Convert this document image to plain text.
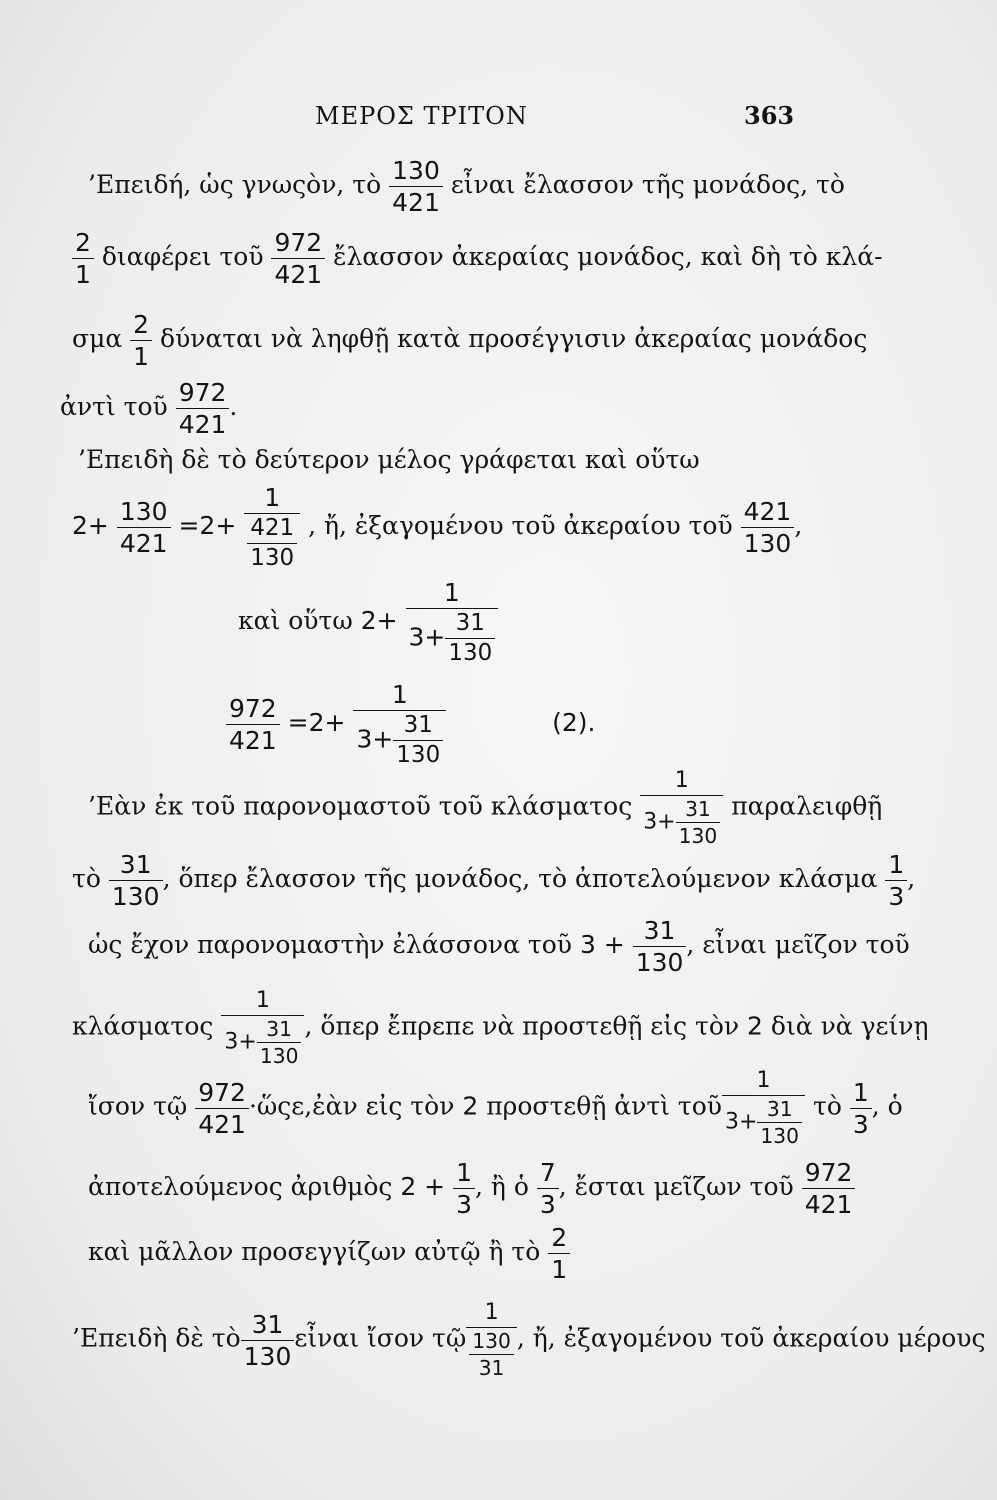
ΜΕΡΟΣ ΤΡΙΤΟΝ	363
’Επειδή, ὡς γνωςὸν, τὸ $\frac{130}{421}$ εἶναι ἔλασσον τῆς μονάδος, τὸ
$\frac{2}{1}$ διαφέρει τοῦ $\frac{972}{421}$ ἔλασσον ἀκεραίας μονάδος, καὶ δὴ τὸ κλά-
σμα $\frac{2}{1}$ δύναται νὰ ληφθῇ κατὰ προσέγγισιν ἀκεραίας μονάδος
ἀντὶ τοῦ $\frac{972}{421}$ .
’Επειδὴ δὲ τὸ δεύτερον μέλος γράφεται καὶ οὕτω
$2+ \frac{130}{421} =2+ \frac{1}{\frac{421}{130}}$ , ἤ, ἐξαγομένου τοῦ ἀκεραίου τοῦ $\frac{421}{130}$ ,
καὶ οὕτω $2+ \frac{1}{3+ \frac{31}{130}}$
$\frac{972}{421} =2+ \frac{1}{3+ \frac{31}{130}}$	(2).
’Εὰν ἐκ τοῦ παρονομαστοῦ τοῦ κλάσματος $\frac{1}{3+ \frac{31}{130}}$ παραλειφθῇ
τὸ $\frac{31}{130}$ , ὅπερ ἔλασσον τῆς μονάδος, τὸ ἀποτελούμενον κλάσμα $\frac{1}{3}$ ,
ὡς ἔχον παρονομαστὴν ἐλάσσονα τοῦ $3 + \frac{31}{130}$ , εἶναι μεῖζον τοῦ
κλάσματος $\frac{1}{3+ \frac{31}{130}}$ , ὅπερ ἔπρεπε νὰ προστεθῇ εἰς τὸν 2 διὰ νὰ γείνῃ
ἴσον τῷ $\frac{972}{421}$ ·ὥςε,ἐὰν εἰς τὸν 2 προστεθῇ ἀντὶ τοῦ $\frac{1}{3+ \frac{31}{130}}$ τὸ $\frac{1}{3}$ , ὁ
ἀποτελούμενος ἀριθμὸς $2 + \frac{1}{3}$ , ἢ ὁ $\frac{7}{3}$ , ἔσται μεῖζων τοῦ $\frac{972}{421}$
καὶ μᾶλλον προσεγγίζων αὐτῷ ἢ τὸ $\frac{2}{1}$
’Επειδὴ δὲ τὸ $\frac{31}{130}$ εἶναι ἴσον τῷ $\frac{1}{\frac{130}{31}}$ , ἤ, ἐξαγομένου τοῦ ἀκεραίου μέρους
